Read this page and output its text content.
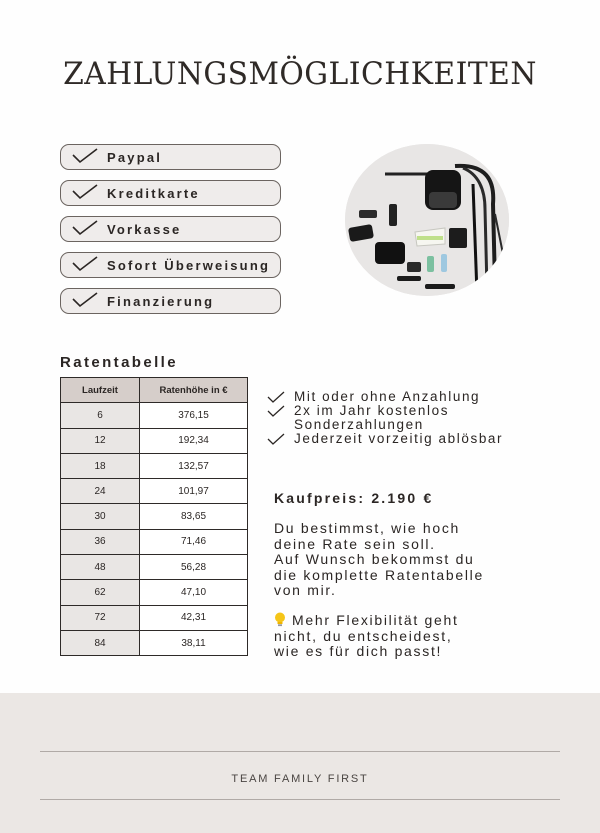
ZAHLUNGSMÖGLICHKEITEN
Paypal
Kreditkarte
Vorkasse
Sofort Überweisung
Finanzierung
Ratentabelle
Laufzeit	Ratenhöhe in €
6	376,15
12	192,34
18	132,57
24	101,97
30	83,65
36	71,46
48	56,28
62	47,10
72	42,31
84	38,11
Mit oder ohne Anzahlung
2x im Jahr kostenlos
Sonderzahlungen
Jederzeit vorzeitig ablösbar
Kaufpreis: 2.190 €
Du bestimmst, wie hoch
deine Rate sein soll.
Auf Wunsch bekommst du
die komplette Ratentabelle
von mir.
Mehr Flexibilität geht
nicht, du entscheidest,
wie es für dich passt!
TEAM FAMILY FIRST
